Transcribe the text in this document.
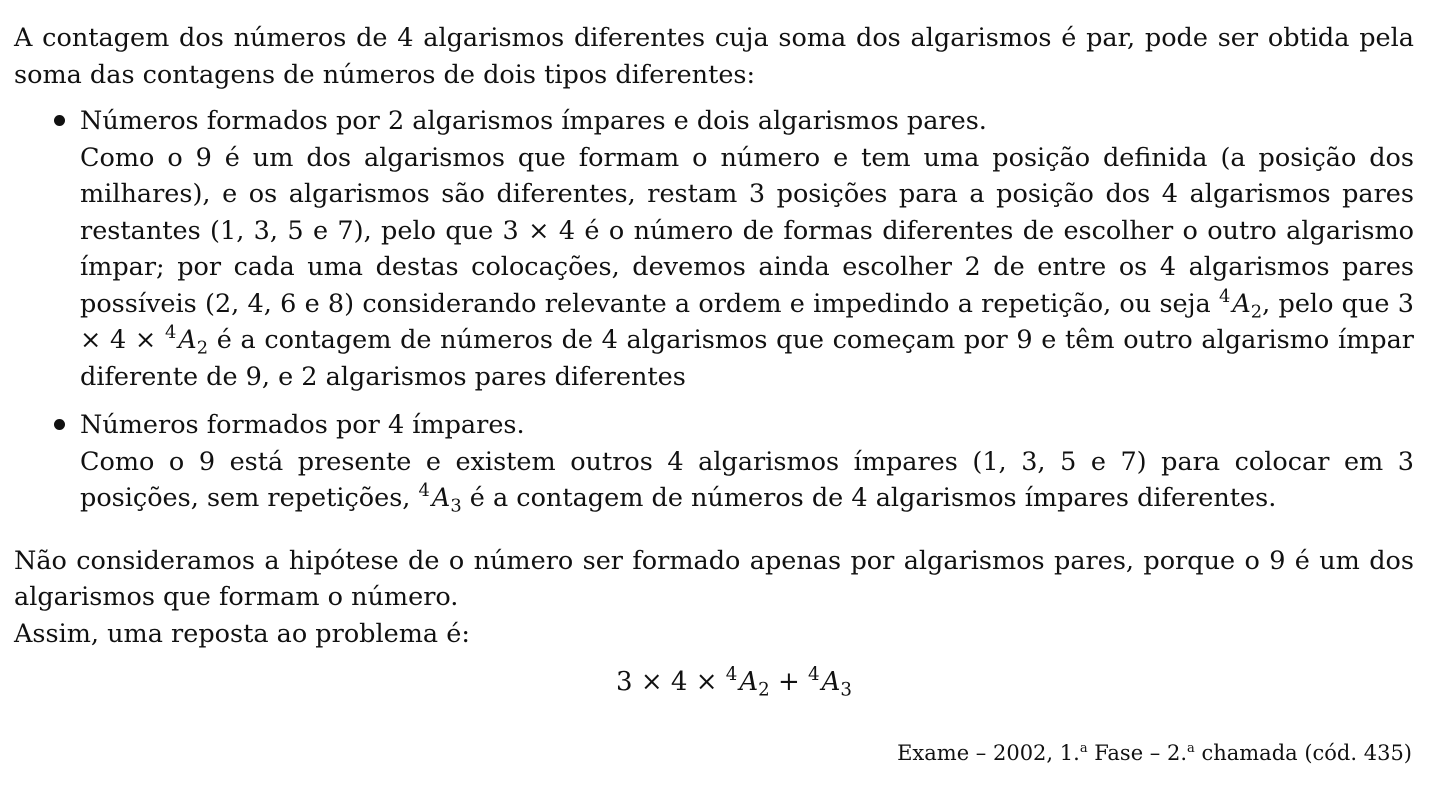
A contagem dos números de 4 algarismos diferentes cuja soma dos algarismos é par, pode ser obtida pela soma das contagens de números de dois tipos diferentes:

Números formados por 2 algarismos ímpares e dois algarismos pares.

Como o 9 é um dos algarismos que formam o número e tem uma posição definida (a posição dos milhares), e os algarismos são diferentes, restam 3 posições para a posição dos 4 algarismos pares restantes (1, 3, 5 e 7), pelo que 3 × 4 é o número de formas diferentes de escolher o outro algarismo ímpar; por cada uma destas colocações, devemos ainda escolher 2 de entre os 4 algarismos pares possíveis (2, 4, 6 e 8) considerando relevante a ordem e impedindo a repetição, ou seja $^4A_2$, pelo que $3 \times 4 \times ^4A_2$ é a contagem de números de 4 algarismos que começam por 9 e têm outro algarismo ímpar diferente de 9, e 2 algarismos pares diferentes

Números formados por 4 ímpares.

Como o 9 está presente e existem outros 4 algarismos ímpares (1, 3, 5 e 7) para colocar em 3 posições, sem repetições, $^4A_3$ é a contagem de números de 4 algarismos ímpares diferentes.

Não consideramos a hipótese de o número ser formado apenas por algarismos pares, porque o 9 é um dos algarismos que formam o número.

Assim, uma reposta ao problema é:

$3 \times 4 \times ^4A_2 + ^4A_3$
Exame – 2002, 1.$^a$ Fase – 2.$^a$ chamada (cód. 435)
